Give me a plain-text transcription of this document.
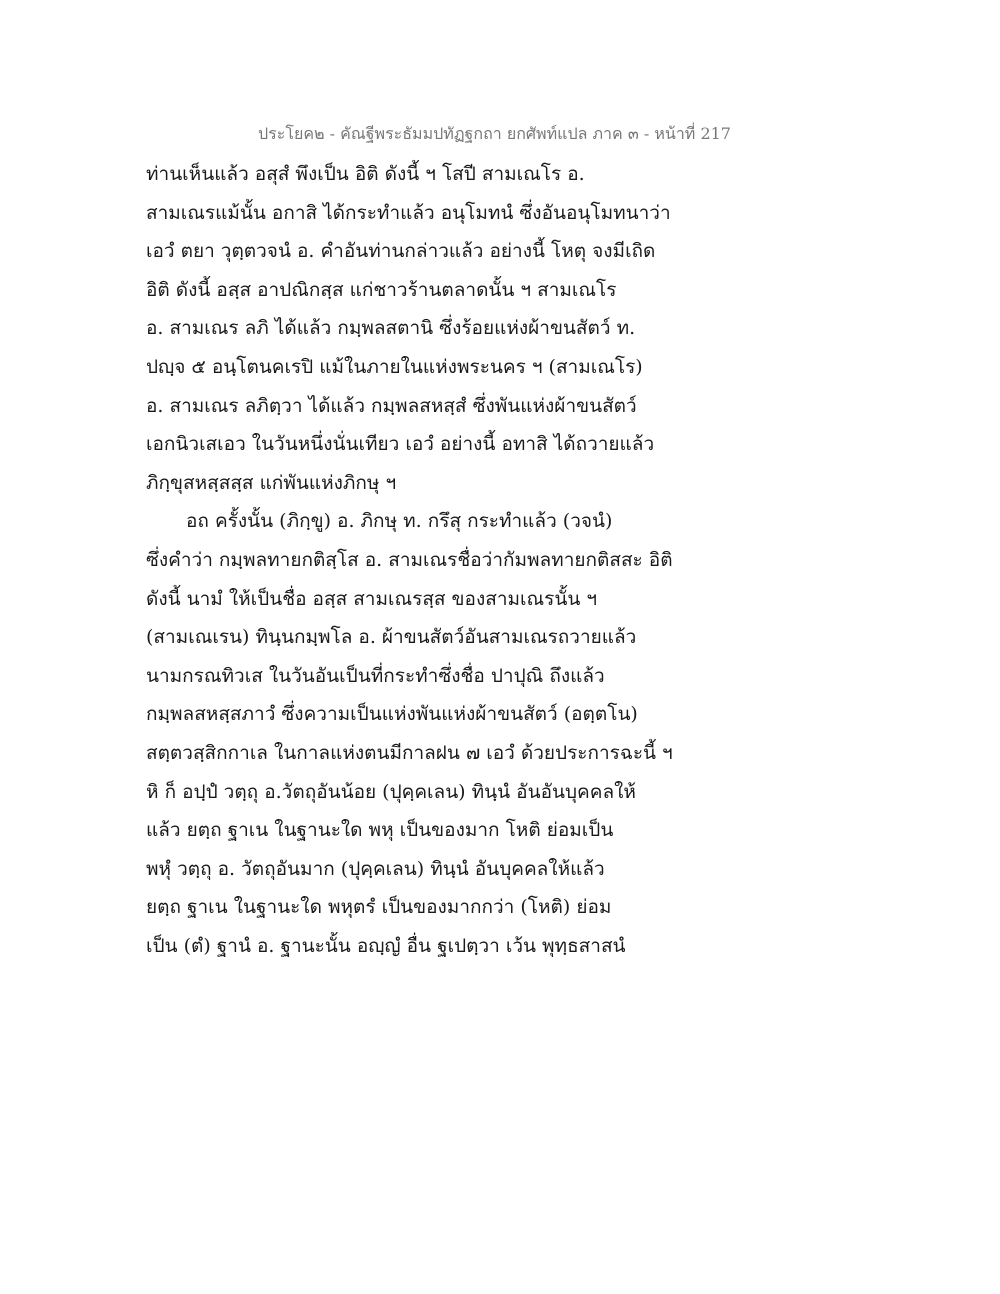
ประโยค๒ - คัณฐีพระธัมมปทัฏฐกถา ยกศัพท์แปล ภาค ๓ - หน้าที่ 217
ท่านเห็นแล้ว อสุสํ พึงเป็น อิติ ดังนี้ ฯ โสปี สามเณโร อ.
สามเณรแม้นั้น อกาสิ ได้กระทำแล้ว อนุโมทนํ ซึ่งอันอนุโมทนาว่า
เอวํ ตยา วุตฺตวจนํ อ. คำอันท่านกล่าวแล้ว อย่างนี้ โหตุ จงมีเถิด
อิติ ดังนี้ อสฺส อาปณิกสฺส แก่ชาวร้านตลาดนั้น ฯ สามเณโร
อ. สามเณร ลภิ ได้แล้ว กมฺพลสตานิ ซึ่งร้อยแห่งผ้าขนสัตว์ ท.
ปญฺจ ๕ อนฺโตนคเรปิ แม้ในภายในแห่งพระนคร ฯ (สามเณโร)
อ. สามเณร ลภิตฺวา ได้แล้ว กมฺพลสหสฺสํ ซึ่งพันแห่งผ้าขนสัตว์
เอกนิวเสเอว ในวันหนึ่งนั่นเทียว เอวํ อย่างนี้ อทาสิ ได้ถวายแล้ว
ภิกฺขุสหสฺสสฺส แก่พันแห่งภิกษุ ฯ
อถ ครั้งนั้น (ภิกฺขู) อ. ภิกษุ ท. กรึสุ กระทำแล้ว (วจนํ)
ซึ่งคำว่า กมฺพลทายกติสฺโส อ. สามเณรชื่อว่ากัมพลทายกติสสะ อิติ
ดังนี้ นามํ ให้เป็นชื่อ อสฺส สามเณรสฺส ของสามเณรนั้น ฯ
(สามเณเรน) ทินฺนกมฺพโล อ. ผ้าขนสัตว์อันสามเณรถวายแล้ว
นามกรณทิวเส ในวันอันเป็นที่กระทำซึ่งชื่อ ปาปุณิ ถึงแล้ว
กมฺพลสหสฺสภาวํ ซึ่งความเป็นแห่งพันแห่งผ้าขนสัตว์ (อตฺตโน)
สตฺตวสฺสิกกาเล ในกาลแห่งตนมีกาลฝน ๗ เอวํ ด้วยประการฉะนี้ ฯ
หิ ก็ อปฺปํ วตฺถุ อ.วัตถุอันน้อย (ปุคฺคเลน) ทินฺนํ อันอันบุคคลให้
แล้ว ยตฺถ ฐาเน ในฐานะใด พหุ เป็นของมาก โหติ ย่อมเป็น
พหุํ วตฺถุ อ. วัตถุอันมาก (ปุคฺคเลน) ทินฺนํ อันบุคคลให้แล้ว
ยตฺถ ฐาเน ในฐานะใด พหุตรํ เป็นของมากกว่า (โหติ) ย่อม
เป็น (ตํ) ฐานํ อ. ฐานะนั้น อญฺญํ อื่น ฐเปตฺวา เว้น พุทฺธสาสนํ
